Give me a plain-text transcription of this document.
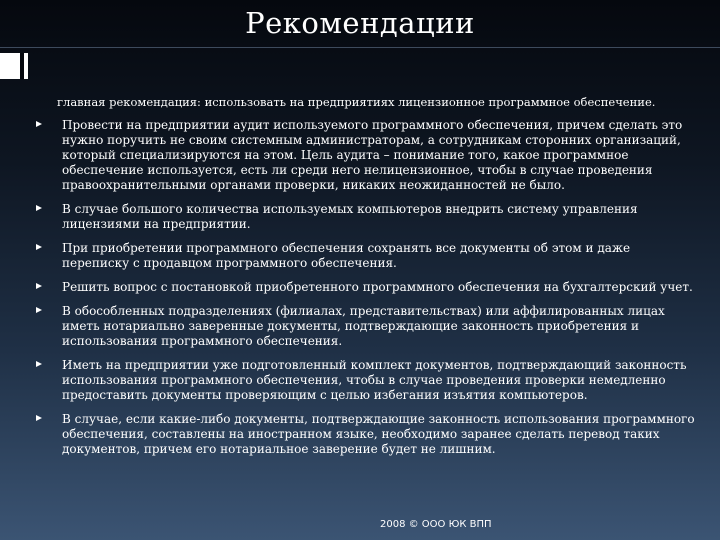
Рекомендации
главная рекомендация: использовать на предприятиях лицензионное программное обеспечение.
Провести на предприятии аудит используемого программного обеспечения, причем сделать это нужно поручить не своим системным администраторам, а сотрудникам сторонних организаций, который специализируются на этом. Цель аудита – понимание того, какое программное обеспечение используется, есть ли среди него нелицензионное, чтобы в случае проведения правоохранительными органами проверки, никаких неожиданностей не было.
В случае большого количества используемых компьютеров внедрить систему управления лицензиями на предприятии.
При приобретении программного обеспечения сохранять все документы об этом и даже переписку с продавцом программного обеспечения.
Решить вопрос с постановкой приобретенного программного обеспечения на бухгалтерский учет.
В обособленных подразделениях (филиалах, представительствах) или аффилированных лицах иметь нотариально заверенные документы, подтверждающие законность приобретения и использования программного обеспечения.
Иметь на предприятии уже подготовленный комплект документов, подтверждающий законность использования программного обеспечения, чтобы в случае проведения проверки немедленно предоставить документы проверяющим с целью избегания изъятия компьютеров.
В случае, если какие-либо документы, подтверждающие законность использования программного обеспечения, составлены на иностранном языке, необходимо заранее сделать перевод таких документов, причем его нотариальное заверение будет не лишним.
2008 © ООО ЮК ВПП
